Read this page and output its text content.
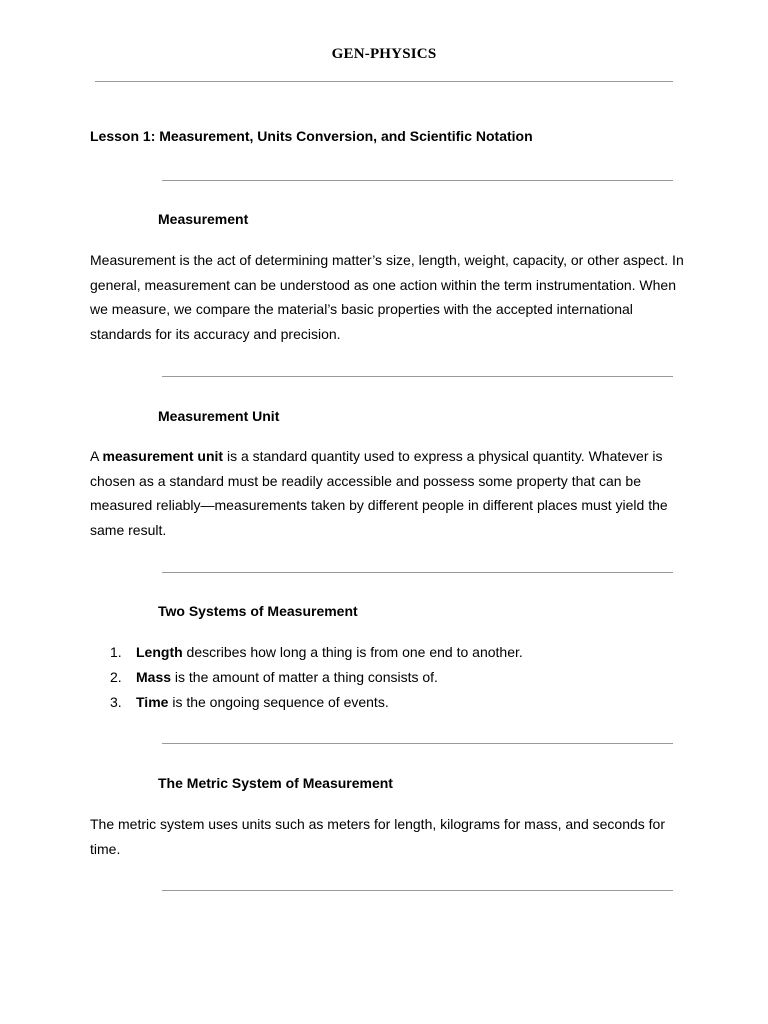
GEN-PHYSICS
Lesson 1: Measurement, Units Conversion, and Scientific Notation
Measurement
Measurement is the act of determining matter’s size, length, weight, capacity, or other aspect. In general, measurement can be understood as one action within the term instrumentation. When we measure, we compare the material’s basic properties with the accepted international standards for its accuracy and precision.
Measurement Unit
A measurement unit is a standard quantity used to express a physical quantity. Whatever is chosen as a standard must be readily accessible and possess some property that can be measured reliably—measurements taken by different people in different places must yield the same result.
Two Systems of Measurement
1. Length describes how long a thing is from one end to another.
2. Mass is the amount of matter a thing consists of.
3. Time is the ongoing sequence of events.
The Metric System of Measurement
The metric system uses units such as meters for length, kilograms for mass, and seconds for time.
